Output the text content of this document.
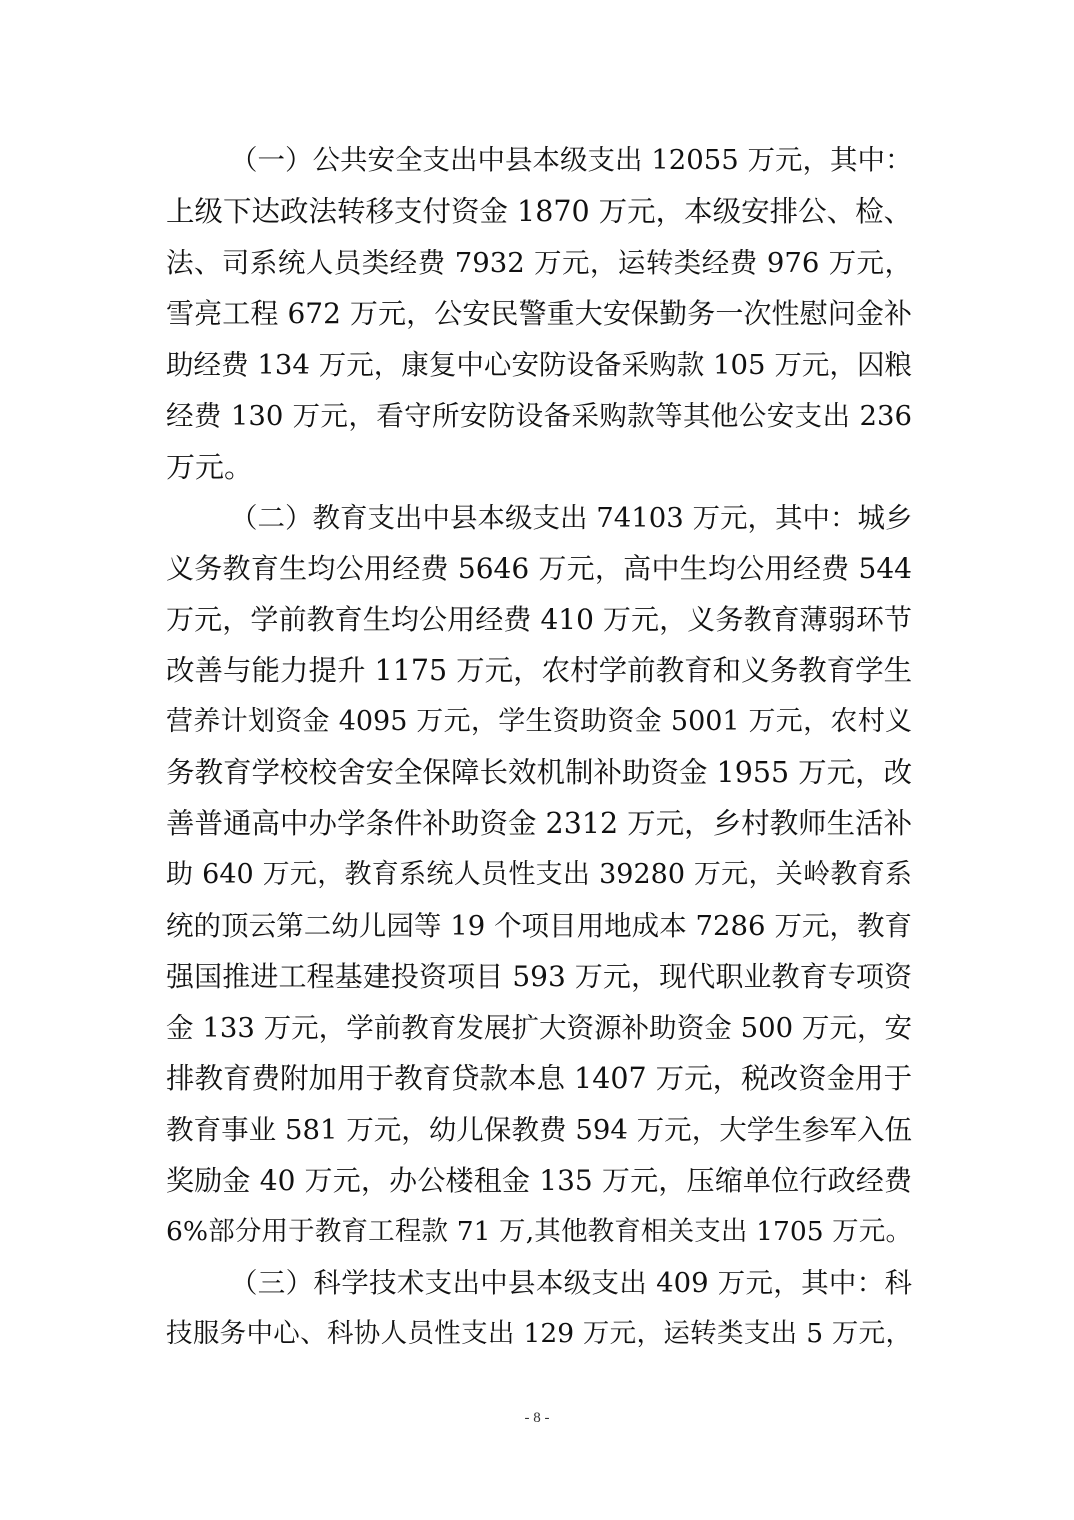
（一）公共安全支出中县本级支出 12055 万元，其中：
上级下达政法转移支付资金 1870 万元，本级安排公、检、
法、司系统人员类经费 7932 万元，运转类经费 976 万元，
雪亮工程 672 万元，公安民警重大安保勤务一次性慰问金补
助经费 134 万元，康复中心安防设备采购款 105 万元，囚粮
经费 130 万元，看守所安防设备采购款等其他公安支出 236
万元。
（二）教育支出中县本级支出 74103 万元，其中：城乡
义务教育生均公用经费 5646 万元，高中生均公用经费 544
万元，学前教育生均公用经费 410 万元，义务教育薄弱环节
改善与能力提升 1175 万元，农村学前教育和义务教育学生
营养计划资金 4095 万元，学生资助资金 5001 万元，农村义
务教育学校校舍安全保障长效机制补助资金 1955 万元，改
善普通高中办学条件补助资金 2312 万元，乡村教师生活补
助 640 万元，教育系统人员性支出 39280 万元，关岭教育系
统的顶云第二幼儿园等 19 个项目用地成本 7286 万元，教育
强国推进工程基建投资项目 593 万元，现代职业教育专项资
金 133 万元，学前教育发展扩大资源补助资金 500 万元，安
排教育费附加用于教育贷款本息 1407 万元，税改资金用于
教育事业 581 万元，幼儿保教费 594 万元，大学生参军入伍
奖励金 40 万元，办公楼租金 135 万元，压缩单位行政经费
6%部分用于教育工程款 71 万,其他教育相关支出 1705 万元。
（三）科学技术支出中县本级支出 409 万元，其中：科
技服务中心、科协人员性支出 129 万元，运转类支出 5 万元，
- 8 -
